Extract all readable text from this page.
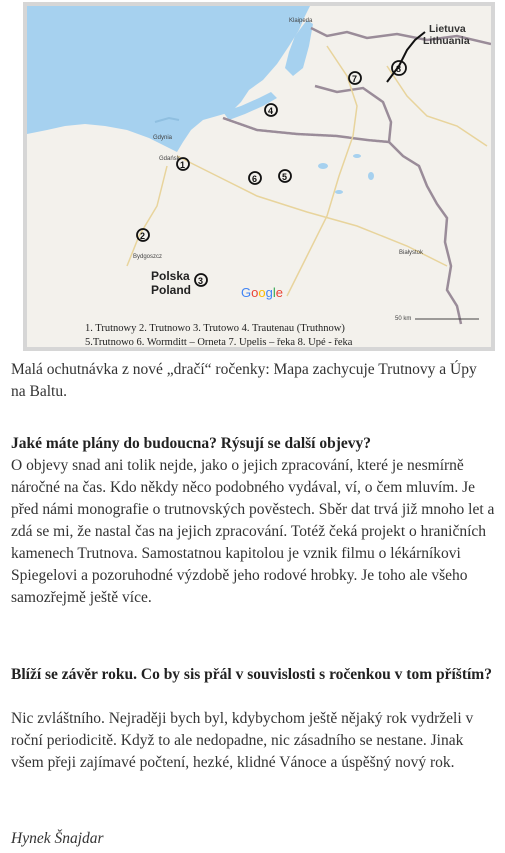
Lietuva
Lithuania
Polska
Poland	Google
Klaipeda
Gdynia
Gdańsk
Bydgoszcz
Białystok
1
2
3
4
5
6
7
8
50 km
1. Trutnowy 2. Trutnowo 3. Trutowo 4. Trautenau (Truthnow)
5.Trutnowo 6. Wormditt – Orneta 7. Upelis – řeka 8. Upé - řeka
Malá ochutnávka z nové „dračí“ ročenky: Mapa zachycuje Trutnovy a Úpy na Baltu.
Jaké máte plány do budoucna? Rýsují se další objevy?
O objevy snad ani tolik nejde, jako o jejich zpracování, které je nesmírně náročné na čas. Kdo někdy něco podobného vydával, ví, o čem mluvím. Je před námi monografie o trutnovských pověstech. Sběr dat trvá již mnoho let a zdá se mi, že nastal čas na jejich zpracování. Totéž čeká projekt o hraničních kamenech Trutnova. Samostatnou kapitolou je vznik filmu o lékárníkovi Spiegelovi a pozoruhodné výzdobě jeho rodové hrobky. Je toho ale všeho samozřejmě ještě více.
Blíží se závěr roku. Co by sis přál v souvislosti s ročenkou v tom příštím?
Nic zvláštního. Nejraději bych byl, kdybychom ještě nějaký rok vydrželi v roční periodicitě. Když to ale nedopadne, nic zásadního se nestane. Jinak všem přeji zajímavé počtení, hezké, klidné Vánoce a úspěšný nový rok.
Hynek Šnajdar
